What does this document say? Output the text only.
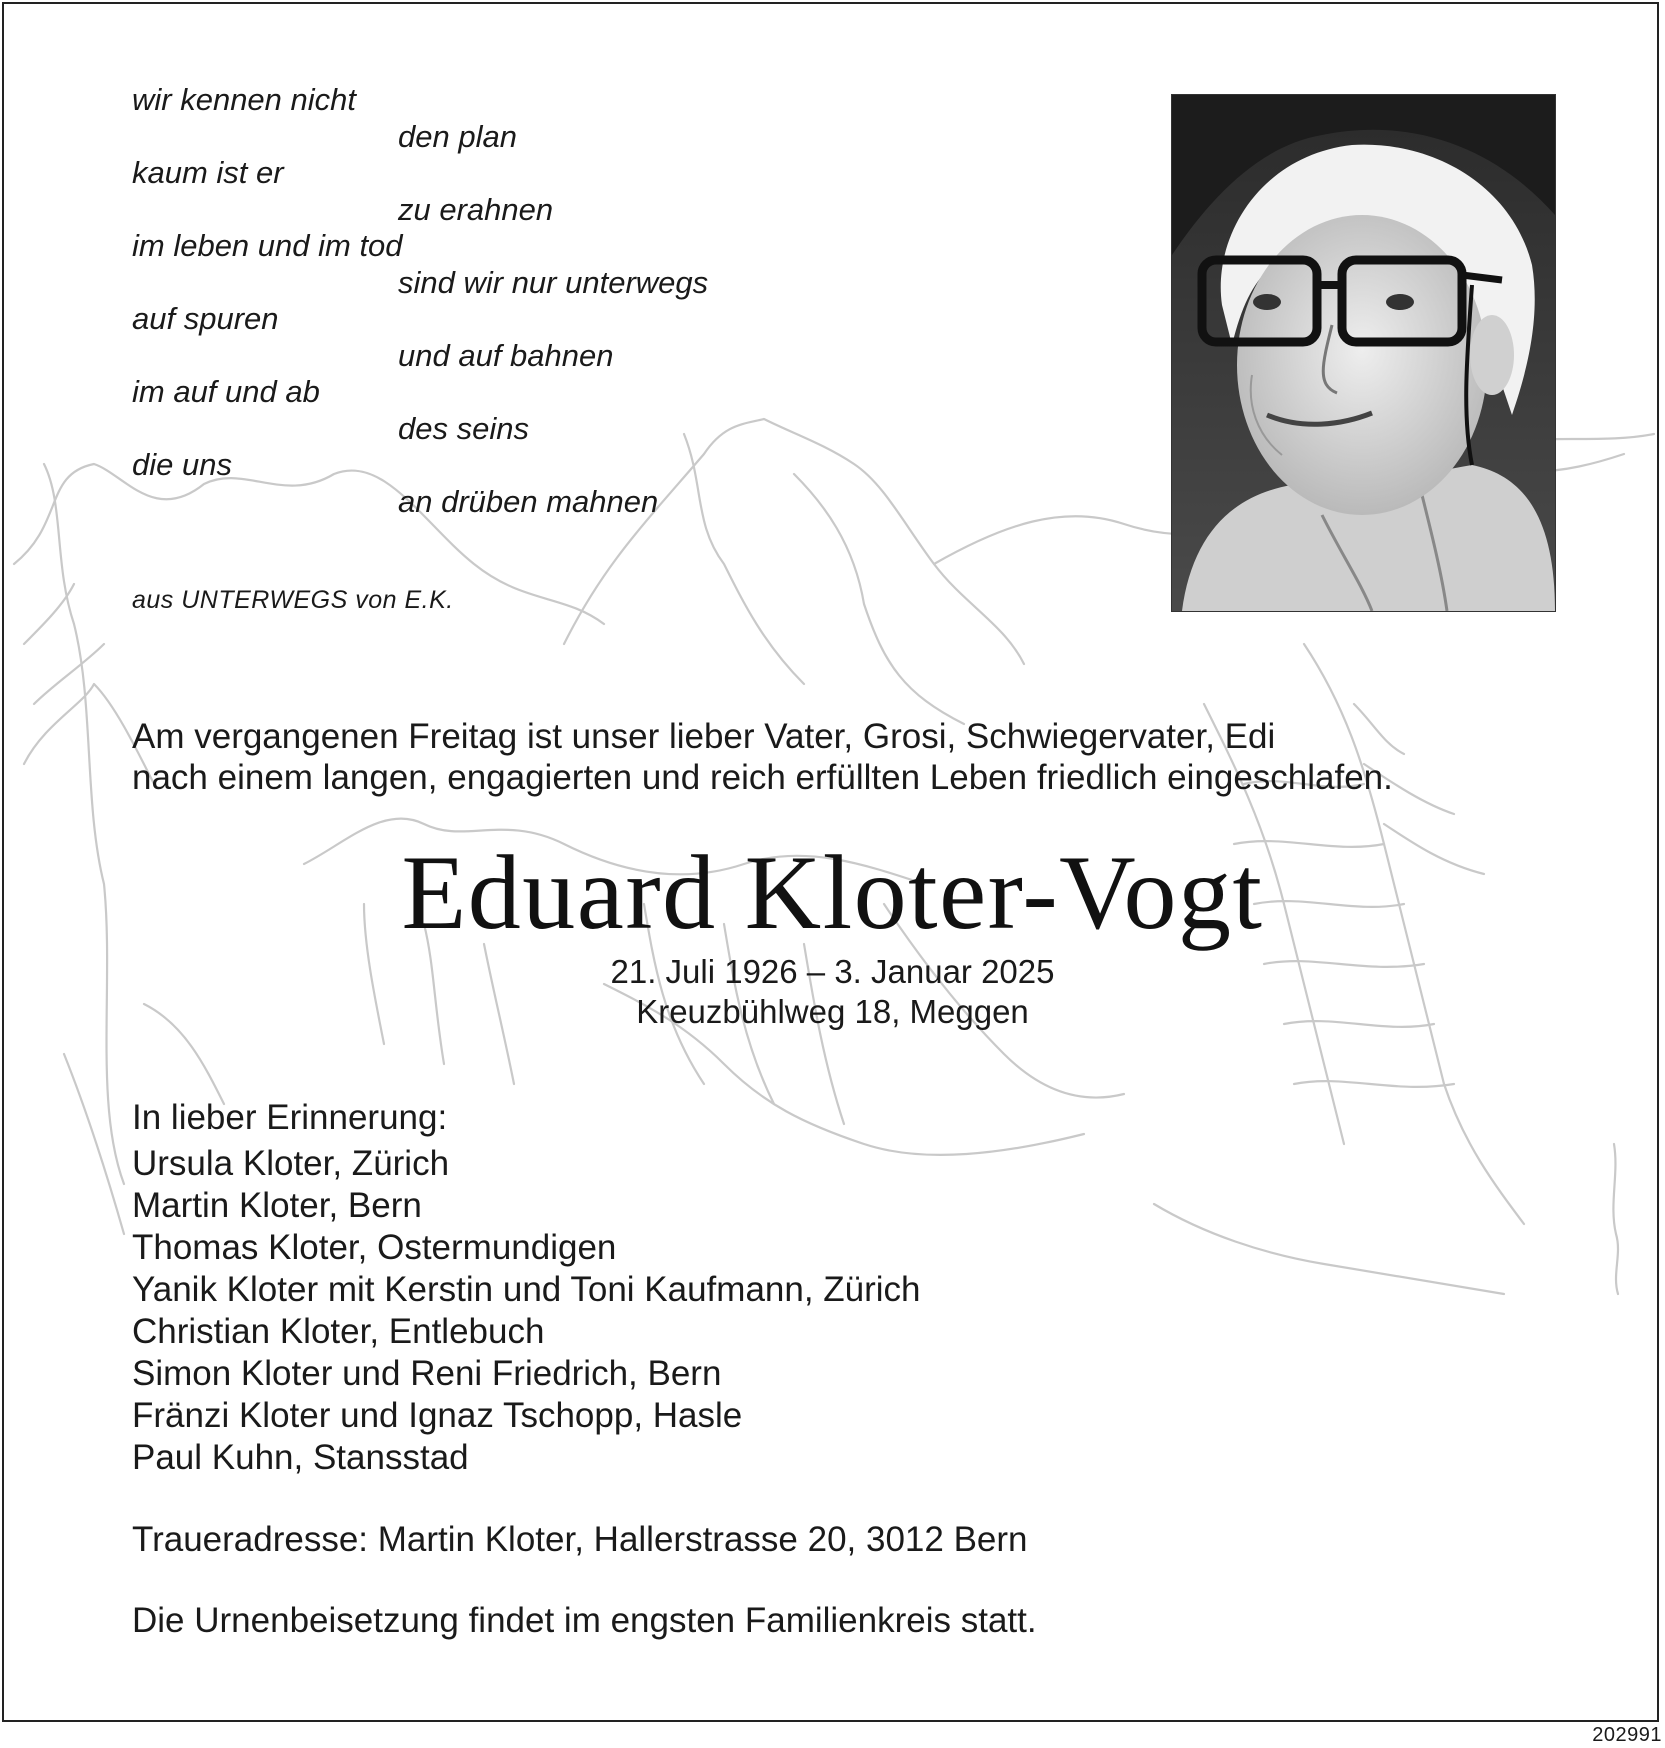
wir kennen nicht
den plan
kaum ist er
zu erahnen
im leben und im tod
sind wir nur unterwegs
auf spuren
und auf bahnen
im auf und ab
des seins
die uns
an drüben mahnen
aus UNTERWEGS von E.K.
Am vergangenen Freitag ist unser lieber Vater, Grosi, Schwiegervater, Edi
nach einem langen, engagierten und reich erfüllten Leben friedlich eingeschlafen.
Eduard Kloter-Vogt
21. Juli 1926 – 3. Januar 2025
Kreuzbühlweg 18, Meggen
In lieber Erinnerung:
Ursula Kloter, Zürich
Martin Kloter, Bern
Thomas Kloter, Ostermundigen
Yanik Kloter mit Kerstin und Toni Kaufmann, Zürich
Christian Kloter, Entlebuch
Simon Kloter und Reni Friedrich, Bern
Fränzi Kloter und Ignaz Tschopp, Hasle
Paul Kuhn, Stansstad
Traueradresse: Martin Kloter, Hallerstrasse 20, 3012 Bern
Die Urnenbeisetzung findet im engsten Familienkreis statt.
202991
